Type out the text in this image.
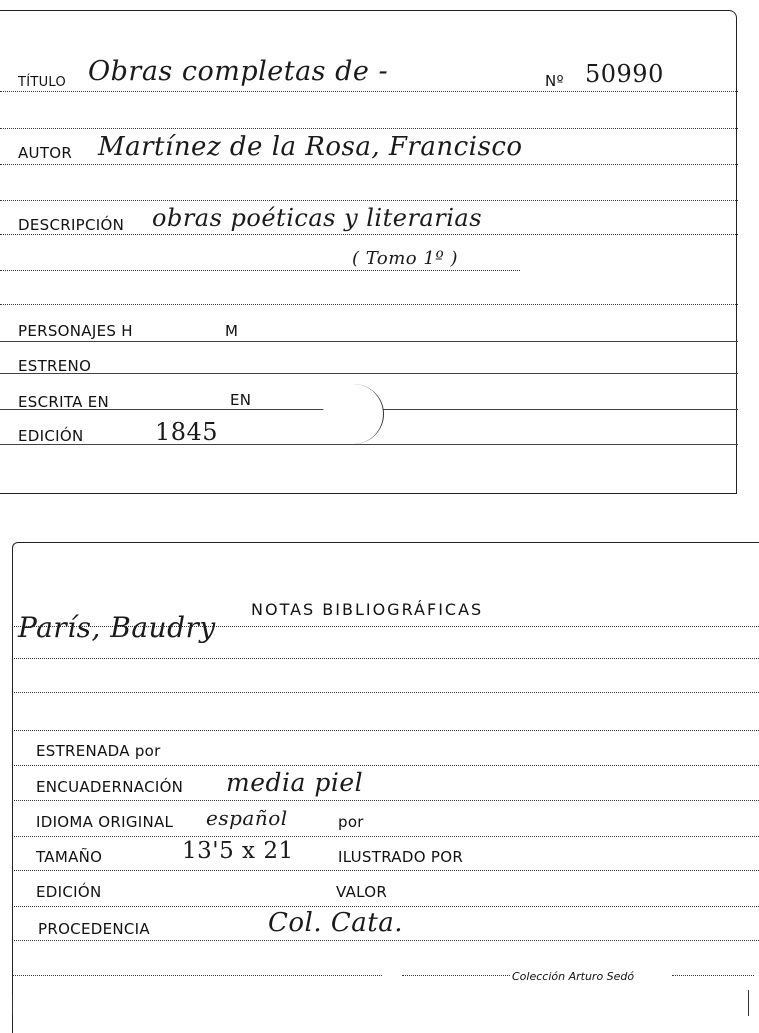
TÍTULO Obras completas de -	Nº 50990
AUTOR Martínez de la Rosa, Francisco
DESCRIPCIÓN obras poéticas y literarias
( Tomo 1º )
PERSONAJES H	M
ESTRENO
ESCRITA EN	EN
EDICIÓN	1845
NOTAS BIBLIOGRÁFICAS
París, Baudry
ESTRENADA por
ENCUADERNACIÓN media piel
IDIOMA ORIGINAL español	por
TAMAÑO	13'5 x 21	ILUSTRADO POR
EDICIÓN	VALOR
PROCEDENCIA	Col. Cata.
Colección Arturo Sedó
